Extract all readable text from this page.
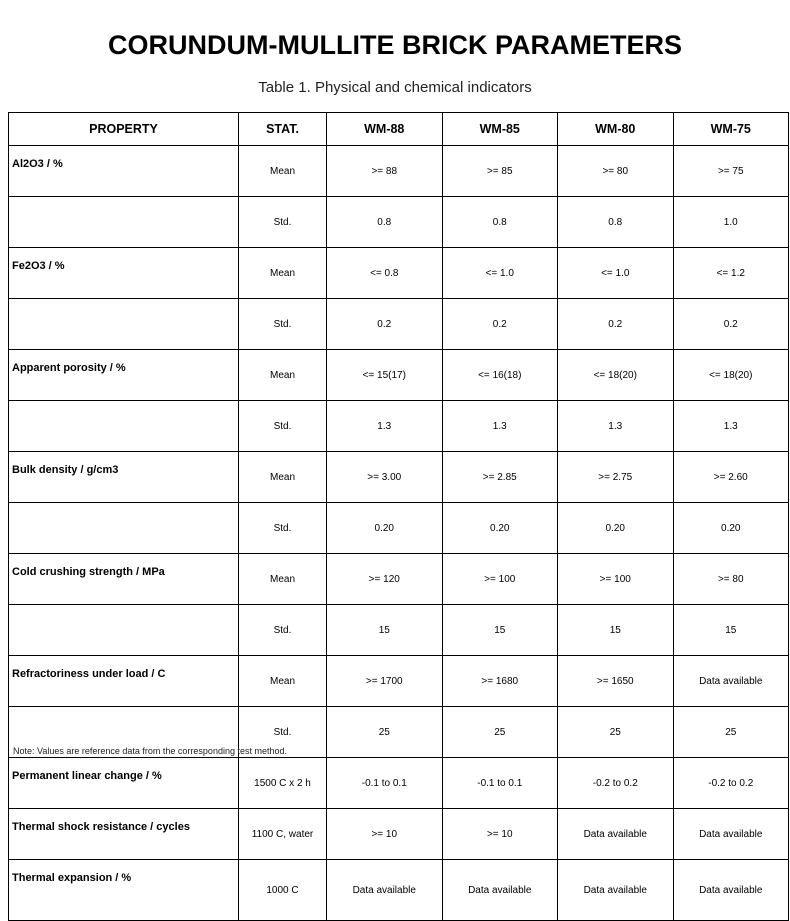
CORUNDUM-MULLITE BRICK PARAMETERS
Table 1. Physical and chemical indicators
PROPERTY	STAT.	WM-88	WM-85	WM-80	WM-75
Al2O3 / %	Mean	>= 88	>= 85	>= 80	>= 75
	Std.	0.8	0.8	0.8	1.0
Fe2O3 / %	Mean	<= 0.8	<= 1.0	<= 1.0	<= 1.2
	Std.	0.2	0.2	0.2	0.2
Apparent porosity / %	Mean	<= 15(17)	<= 16(18)	<= 18(20)	<= 18(20)
	Std.	1.3	1.3	1.3	1.3
Bulk density / g/cm3	Mean	>= 3.00	>= 2.85	>= 2.75	>= 2.60
	Std.	0.20	0.20	0.20	0.20
Cold crushing strength / MPa	Mean	>= 120	>= 100	>= 100	>= 80
	Std.	15	15	15	15
Refractoriness under load / C	Mean	>= 1700	>= 1680	>= 1650	Data available
	Std.	25	25	25	25
Permanent linear change / %	1500 C x 2 h	-0.1 to 0.1	-0.1 to 0.1	-0.2 to 0.2	-0.2 to 0.2
Thermal shock resistance / cycles	1100 C, water	>= 10	>= 10	Data available	Data available
Thermal expansion / %	1000 C	Data available	Data available	Data available	Data available
Note: Values are reference data from the corresponding test method.
